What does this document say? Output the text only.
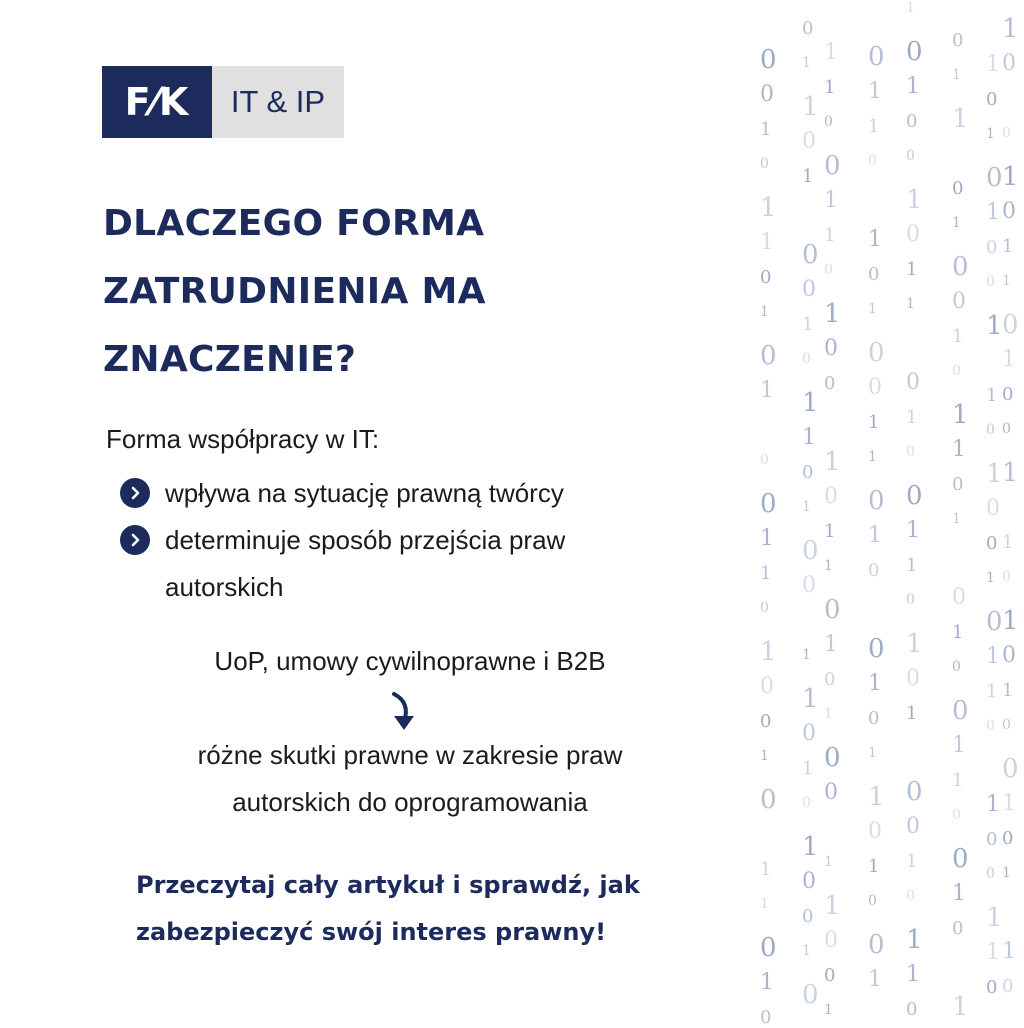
F⁄K	IT & IP
DLACZEGO FORMA
ZATRUDNIENIA MA
ZNACZENIE?
Forma współpracy w IT:
wpływa na sytuację prawną twórcy
determinuje sposób przejścia praw
autorskich
UoP, umowy cywilnoprawne i B2B
różne skutki prawne w zakresie praw
autorskich do oprogramowania
Przeczytaj cały artykuł i sprawdź, jak
zabezpieczyć swój interes prawny!
0
0
1
0
1
1
0
1
0
1
0
0
1
1
0
1
0
0
1
0
1
1
0
1
0
0
1
1
0
1
0
0
1
0
1
1
0
1
0
0
1
1
0
1
0
1
0
0
1
0
1
1
0
0
1
1
0
1
0
0
1
0
1
1
0
1
0
1
0
0
1
1
0
0
1
0
1
1
0
1
0
1
0
0
1
1
0
1
0
0
1
0
1
1
0
1
0
0
1
1
0
1
0
0
1
0
1
1
0
1
0
0
1
1
0
1
0
1
0
0
1
0
1
1
0
0
1
1
0
1
0
0
1
0
1
1
0
1
0
1
0
0
1
1
0
0
1
0
1
1
0
1
0
1
0
0
1
1
0
1
0
0
1
0
1
1
0
1
0
0
1
1
0
1
0
0
1
0
1
1
0
1
0
0
1
1
0
1
0
1
0
0
1
0
1
1
0
